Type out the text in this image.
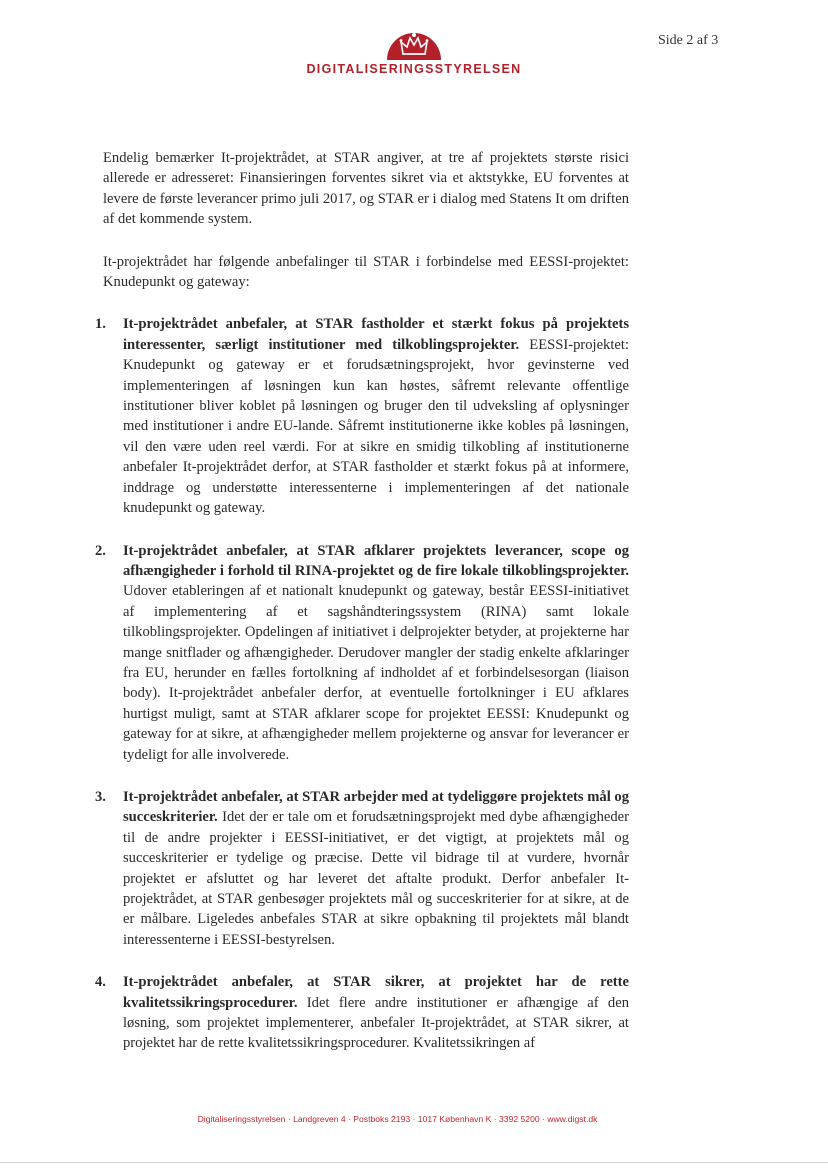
Side 2 af 3
DIGITALISERINGSSTYRELSEN

Endelig bemærker It-projektrådet, at STAR angiver, at tre af projektets største risici allerede er adresseret: Finansieringen forventes sikret via et aktstykke, EU forventes at levere de første leverancer primo juli 2017, og STAR er i dialog med Statens It om driften af det kommende system.

It-projektrådet har følgende anbefalinger til STAR i forbindelse med EESSI-projektet: Knudepunkt og gateway:

1. It-projektrådet anbefaler, at STAR fastholder et stærkt fokus på projektets interessenter, særligt institutioner med tilkoblingsprojekter. EESSI-projektet: Knudepunkt og gateway er et forudsætningsprojekt, hvor gevinsterne ved implementeringen af løsningen kun kan høstes, såfremt relevante offentlige institutioner bliver koblet på løsningen og bruger den til udveksling af oplysninger med institutioner i andre EU-lande. Såfremt institutionerne ikke kobles på løsningen, vil den være uden reel værdi. For at sikre en smidig tilkobling af institutionerne anbefaler It-projektrådet derfor, at STAR fastholder et stærkt fokus på at informere, inddrage og understøtte interessenterne i implementeringen af det nationale knudepunkt og gateway.
2. It-projektrådet anbefaler, at STAR afklarer projektets leverancer, scope og afhængigheder i forhold til RINA-projektet og de fire lokale tilkoblingsprojekter. Udover etableringen af et nationalt knudepunkt og gateway, består EESSI-initiativet af implementering af et sagshåndteringssystem (RINA) samt lokale tilkoblingsprojekter. Opdelingen af initiativet i delprojekter betyder, at projekterne har mange snitflader og afhængigheder. Derudover mangler der stadig enkelte afklaringer fra EU, herunder en fælles fortolkning af indholdet af et forbindelsesorgan (liaison body). It-projektrådet anbefaler derfor, at eventuelle fortolkninger i EU afklares hurtigst muligt, samt at STAR afklarer scope for projektet EESSI: Knudepunkt og gateway for at sikre, at afhængigheder mellem projekterne og ansvar for leverancer er tydeligt for alle involverede.
3. It-projektrådet anbefaler, at STAR arbejder med at tydeliggøre projektets mål og succeskriterier. Idet der er tale om et forudsætningsprojekt med dybe afhængigheder til de andre projekter i EESSI-initiativet, er det vigtigt, at projektets mål og succeskriterier er tydelige og præcise. Dette vil bidrage til at vurdere, hvornår projektet er afsluttet og har leveret det aftalte produkt. Derfor anbefaler It-projektrådet, at STAR genbesøger projektets mål og succeskriterier for at sikre, at de er målbare. Ligeledes anbefales STAR at sikre opbakning til projektets mål blandt interessenterne i EESSI-bestyrelsen.
4. It-projektrådet anbefaler, at STAR sikrer, at projektet har de rette kvalitetssikringsprocedurer. Idet flere andre institutioner er afhængige af den løsning, som projektet implementerer, anbefaler It-projektrådet, at STAR sikrer, at projektet har de rette kvalitetssikringsprocedurer. Kvalitetssikringen af
Digitaliseringsstyrelsen · Landgreven 4 · Postboks 2193 · 1017 København K · 3392 5200 · www.digst.dk
